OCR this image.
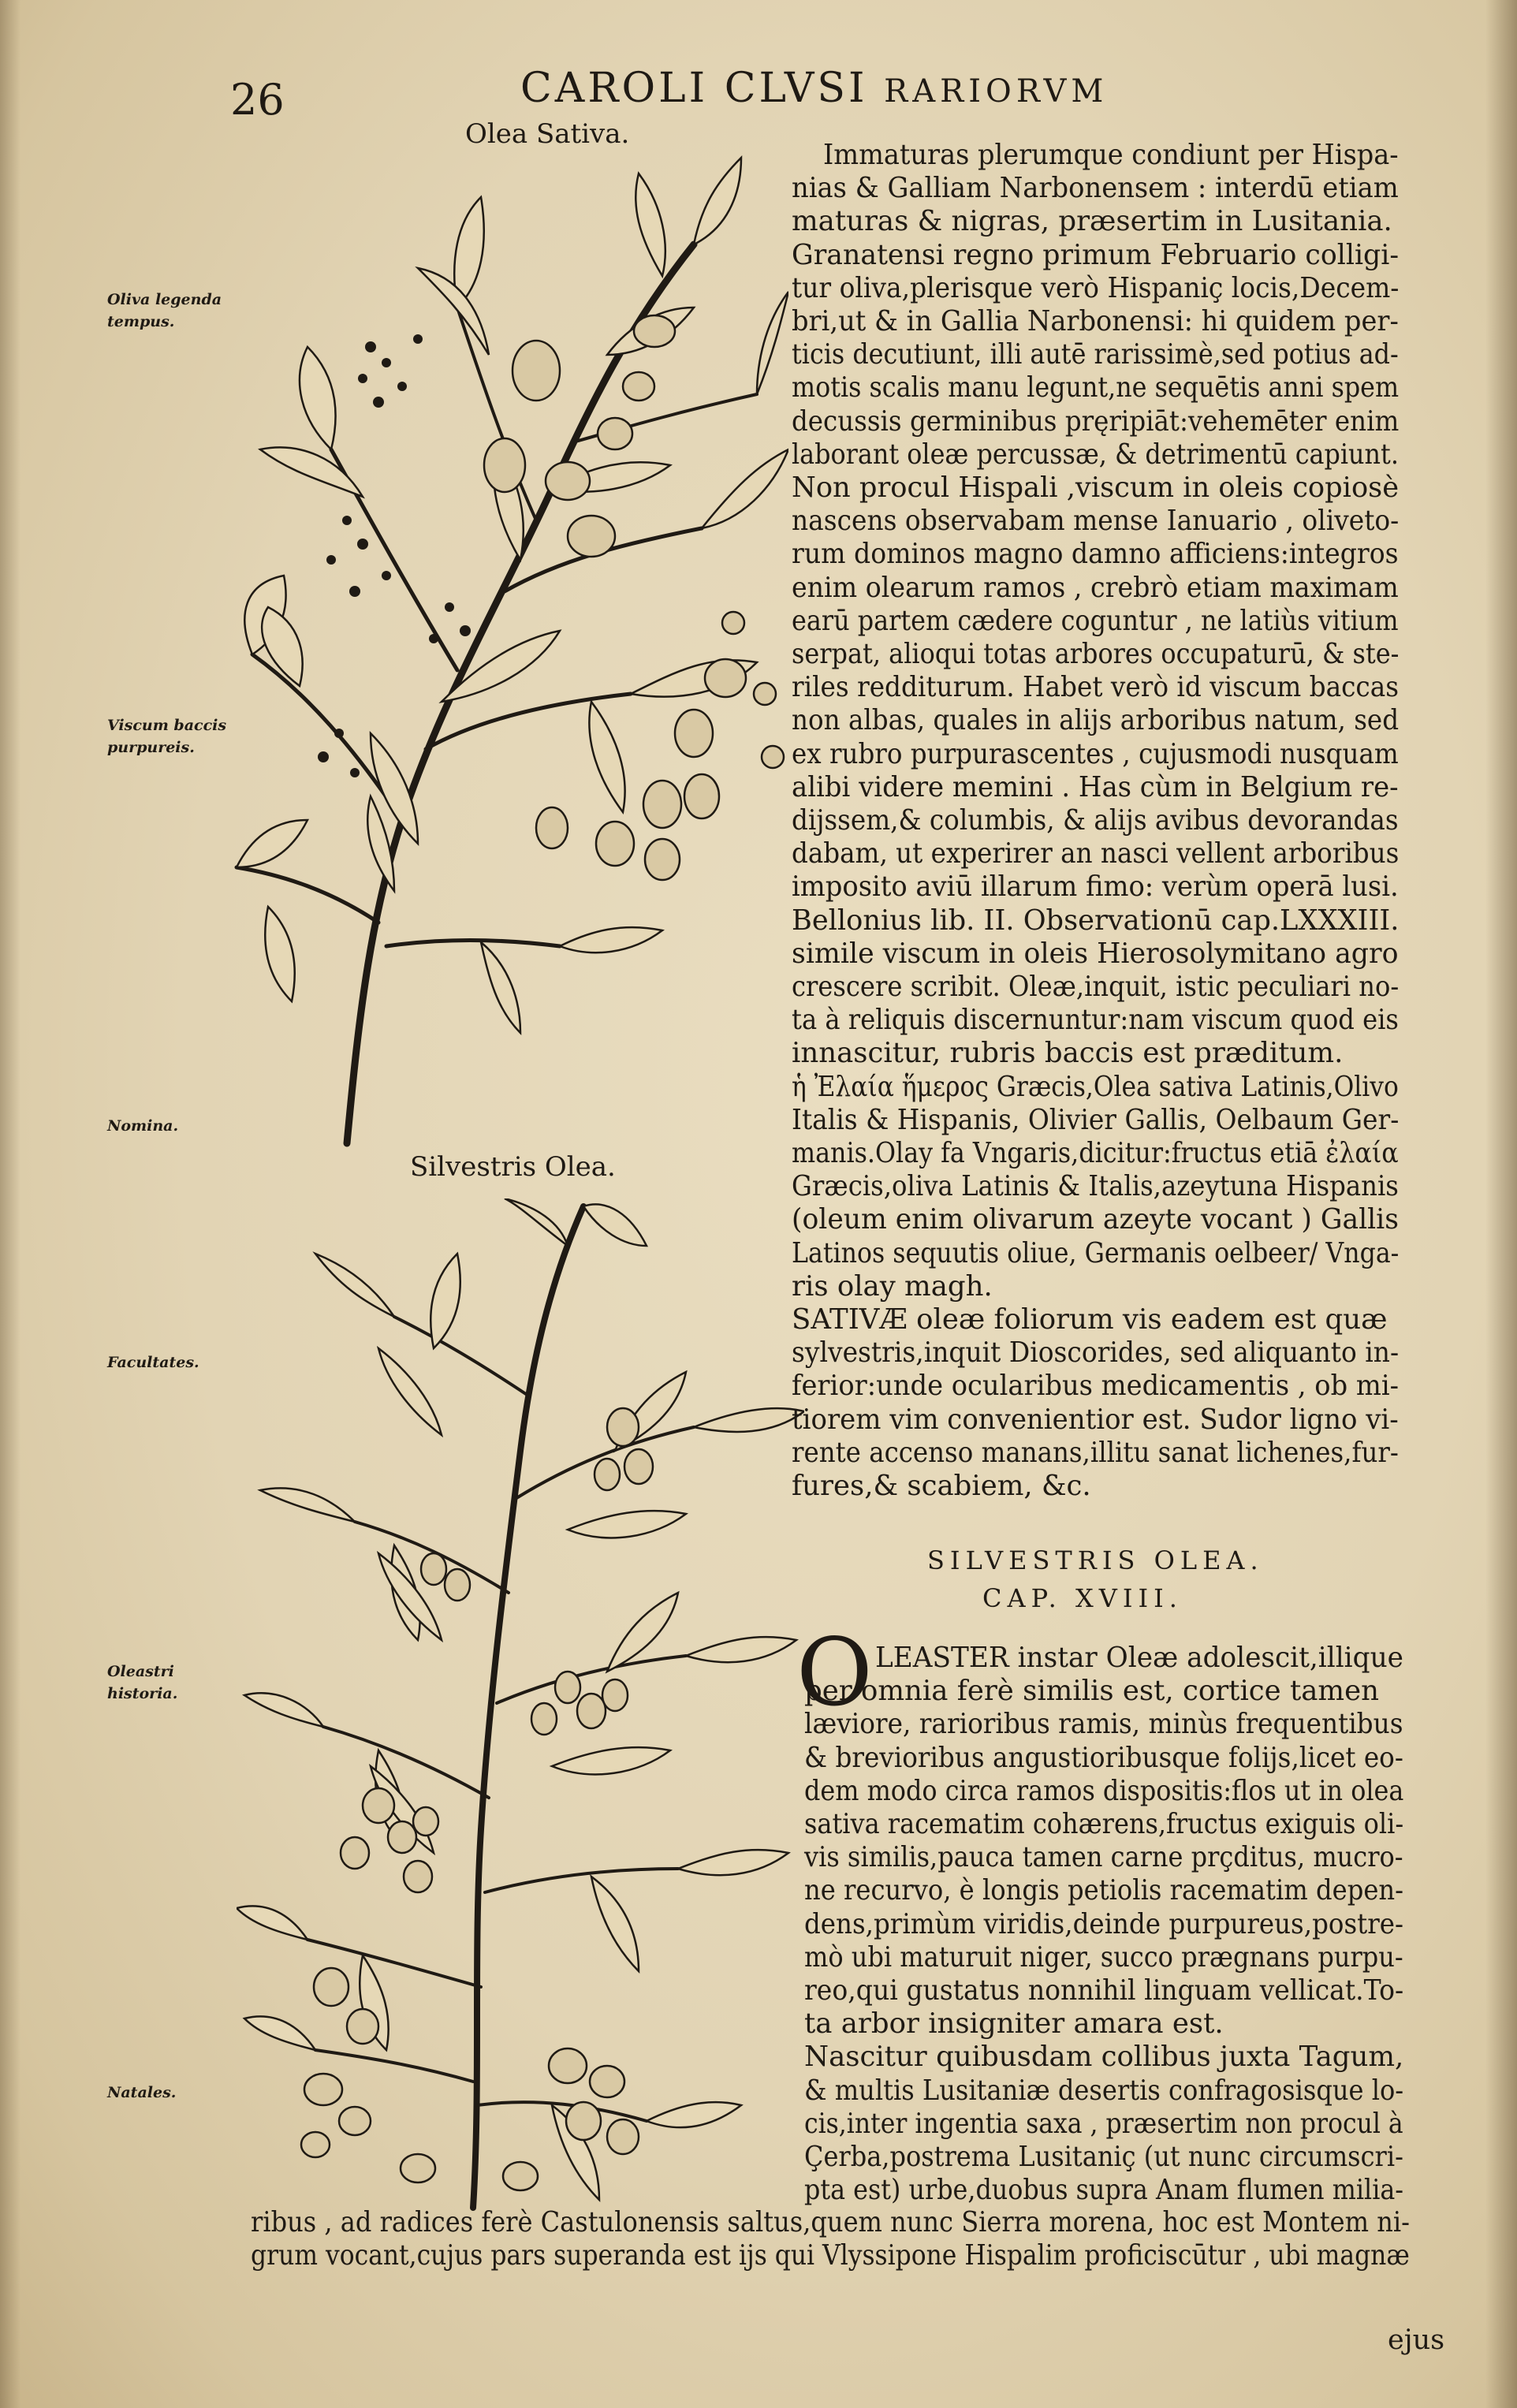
26	CAROLI CLVSI RARIORVM
Olea Sativa.
Silvestris Olea.
Oliva legenda tempus.
Viscum baccis purpureis.
Nomina.
Facultates.
Oleastri historia.
Natales.
Immaturas plerumque condiunt per Hispa-
nias & Galliam Narbonensem : interdū etiam
maturas & nigras, præsertim in Lusitania.
Granatensi regno primum Februario colligi-
tur oliva,plerisque verò Hispaniç locis,Decem-
bri,ut & in Gallia Narbonensi: hi quidem per-
ticis decutiunt, illi autē rarissimè,sed potius ad-
motis scalis manu legunt,ne sequētis anni spem
decussis germinibus pręripiāt:vehemēter enim
laborant oleæ percussæ, & detrimentū capiunt.
Non procul Hispali ,viscum in oleis copiosè
nascens observabam mense Ianuario , oliveto-
rum dominos magno damno afficiens:integros
enim olearum ramos , crebrò etiam maximam
earū partem cædere coguntur , ne latiùs vitium
serpat, alioqui totas arbores occupaturū, & ste-
riles redditurum. Habet verò id viscum baccas
non albas, quales in alijs arboribus natum, sed
ex rubro purpurascentes , cujusmodi nusquam
alibi videre memini . Has cùm in Belgium re-
dijssem,& columbis, & alijs avibus devorandas
dabam, ut experirer an nasci vellent arboribus
imposito aviū illarum fimo: verùm operā lusi.
Bellonius lib. II. Observationū cap.LXXXIII.
simile viscum in oleis Hierosolymitano agro
crescere scribit. Oleæ,inquit, istic peculiari no-
ta à reliquis discernuntur:nam viscum quod eis
innascitur, rubris baccis est præditum.
ἡ Ἐλαία ἥμερος Græcis,Olea sativa Latinis,Olivo
Italis & Hispanis, Olivier Gallis, Oelbaum Ger-
manis.Olay fa Vngaris,dicitur:fructus etiā ἐλαία
Græcis,oliva Latinis & Italis,azeytuna Hispanis
(oleum enim olivarum azeyte vocant ) Gallis
Latinos sequutis oliue, Germanis oelbeer/ Vnga-
ris olay magh.
SATIVÆ oleæ foliorum vis eadem est quæ
sylvestris,inquit Dioscorides, sed aliquanto in-
ferior:unde ocularibus medicamentis , ob mi-
tiorem vim convenientior est. Sudor ligno vi-
rente accenso manans,illitu sanat lichenes,fur-
fures,& scabiem, &c.
SILVESTRIS OLEA.
CAP. XVIII.
O LEASTER instar Oleæ adolescit,illique
per omnia ferè similis est, cortice tamen
læviore, rarioribus ramis, minùs frequentibus
& brevioribus angustioribusque folijs,licet eo-
dem modo circa ramos dispositis:flos ut in olea
sativa racematim cohærens,fructus exiguis oli-
vis similis,pauca tamen carne prçditus, mucro-
ne recurvo, è longis petiolis racematim depen-
dens,primùm viridis,deinde purpureus,postre-
mò ubi maturuit niger, succo prægnans purpu-
reo,qui gustatus nonnihil linguam vellicat.To-
ta arbor insigniter amara est.
Nascitur quibusdam collibus juxta Tagum,
& multis Lusitaniæ desertis confragosisque lo-
cis,inter ingentia saxa , præsertim non procul à
Çerba,postrema Lusitaniç (ut nunc circumscri-
pta est) urbe,duobus supra Anam flumen milia-
ribus , ad radices ferè Castulonensis saltus,quem nunc Sierra morena, hoc est Montem ni-
grum vocant,cujus pars superanda est ijs qui Vlyssipone Hispalim proficiscūtur , ubi magnæ
ejus
